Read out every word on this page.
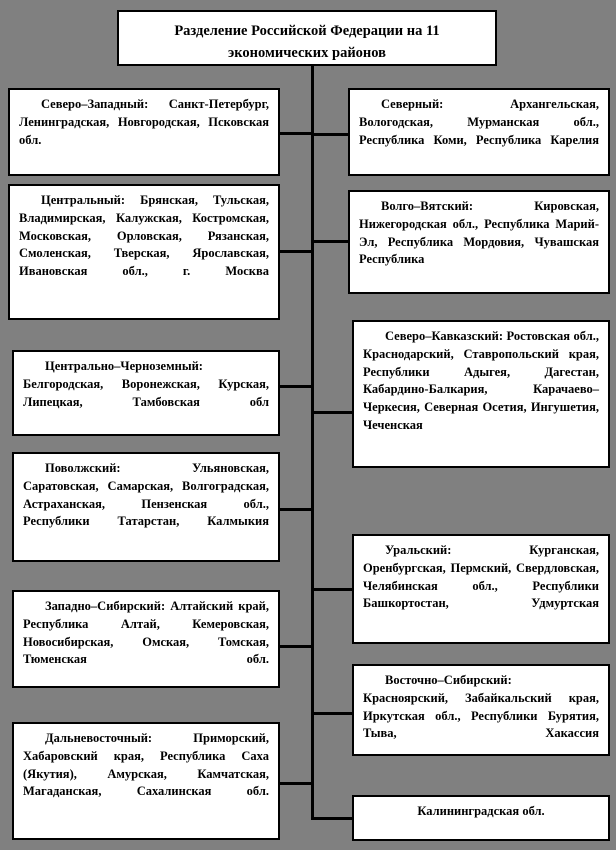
Разделение Российской Федерации на 11 экономических районов
Северо–Западный: Санкт-Петербург, Ленинградская, Новгородская, Псковская обл.
Центральный: Брянская, Тульская, Владимирская, Калужская, Костромская, Московская, Орловская, Рязанская, Смоленская, Тверская, Ярославская, Ивановская обл., г. Москва
Центрально–Черноземный: Белгородская, Воронежская, Курская, Липецкая, Тамбовская обл
Поволжский: Ульяновская, Саратовская, Самарская, Волгоградская, Астраханская, Пензенская обл., Республики Татарстан, Калмыкия
Западно–Сибирский: Алтайский край, Республика Алтай, Кемеровская, Новосибирская, Омская, Томская, Тюменская обл.
Дальневосточный: Приморский, Хабаровский края, Республика Саха (Якутия), Амурская, Камчатская, Магаданская, Сахалинская обл.
Северный: Архангельская, Вологодская, Мурманская обл., Республика Коми, Республика Карелия
Волго–Вятский: Кировская, Нижегородская обл., Республика Марий-Эл, Республика Мордовия, Чувашская Республика
Северо–Кавказский: Ростовская обл., Краснодарский, Ставропольский края, Республики Адыгея, Дагестан, Кабардино-Балкария, Карачаево–Черкесия, Северная Осетия, Ингушетия, Чеченская
Уральский: Курганская, Оренбургская, Пермский, Свердловская, Челябинская обл., Республики Башкортостан, Удмуртская
Восточно–Сибирский: Красноярский, Забайкальский края, Иркутская обл., Республики Бурятия, Тыва, Хакассия
Калининградская обл.
